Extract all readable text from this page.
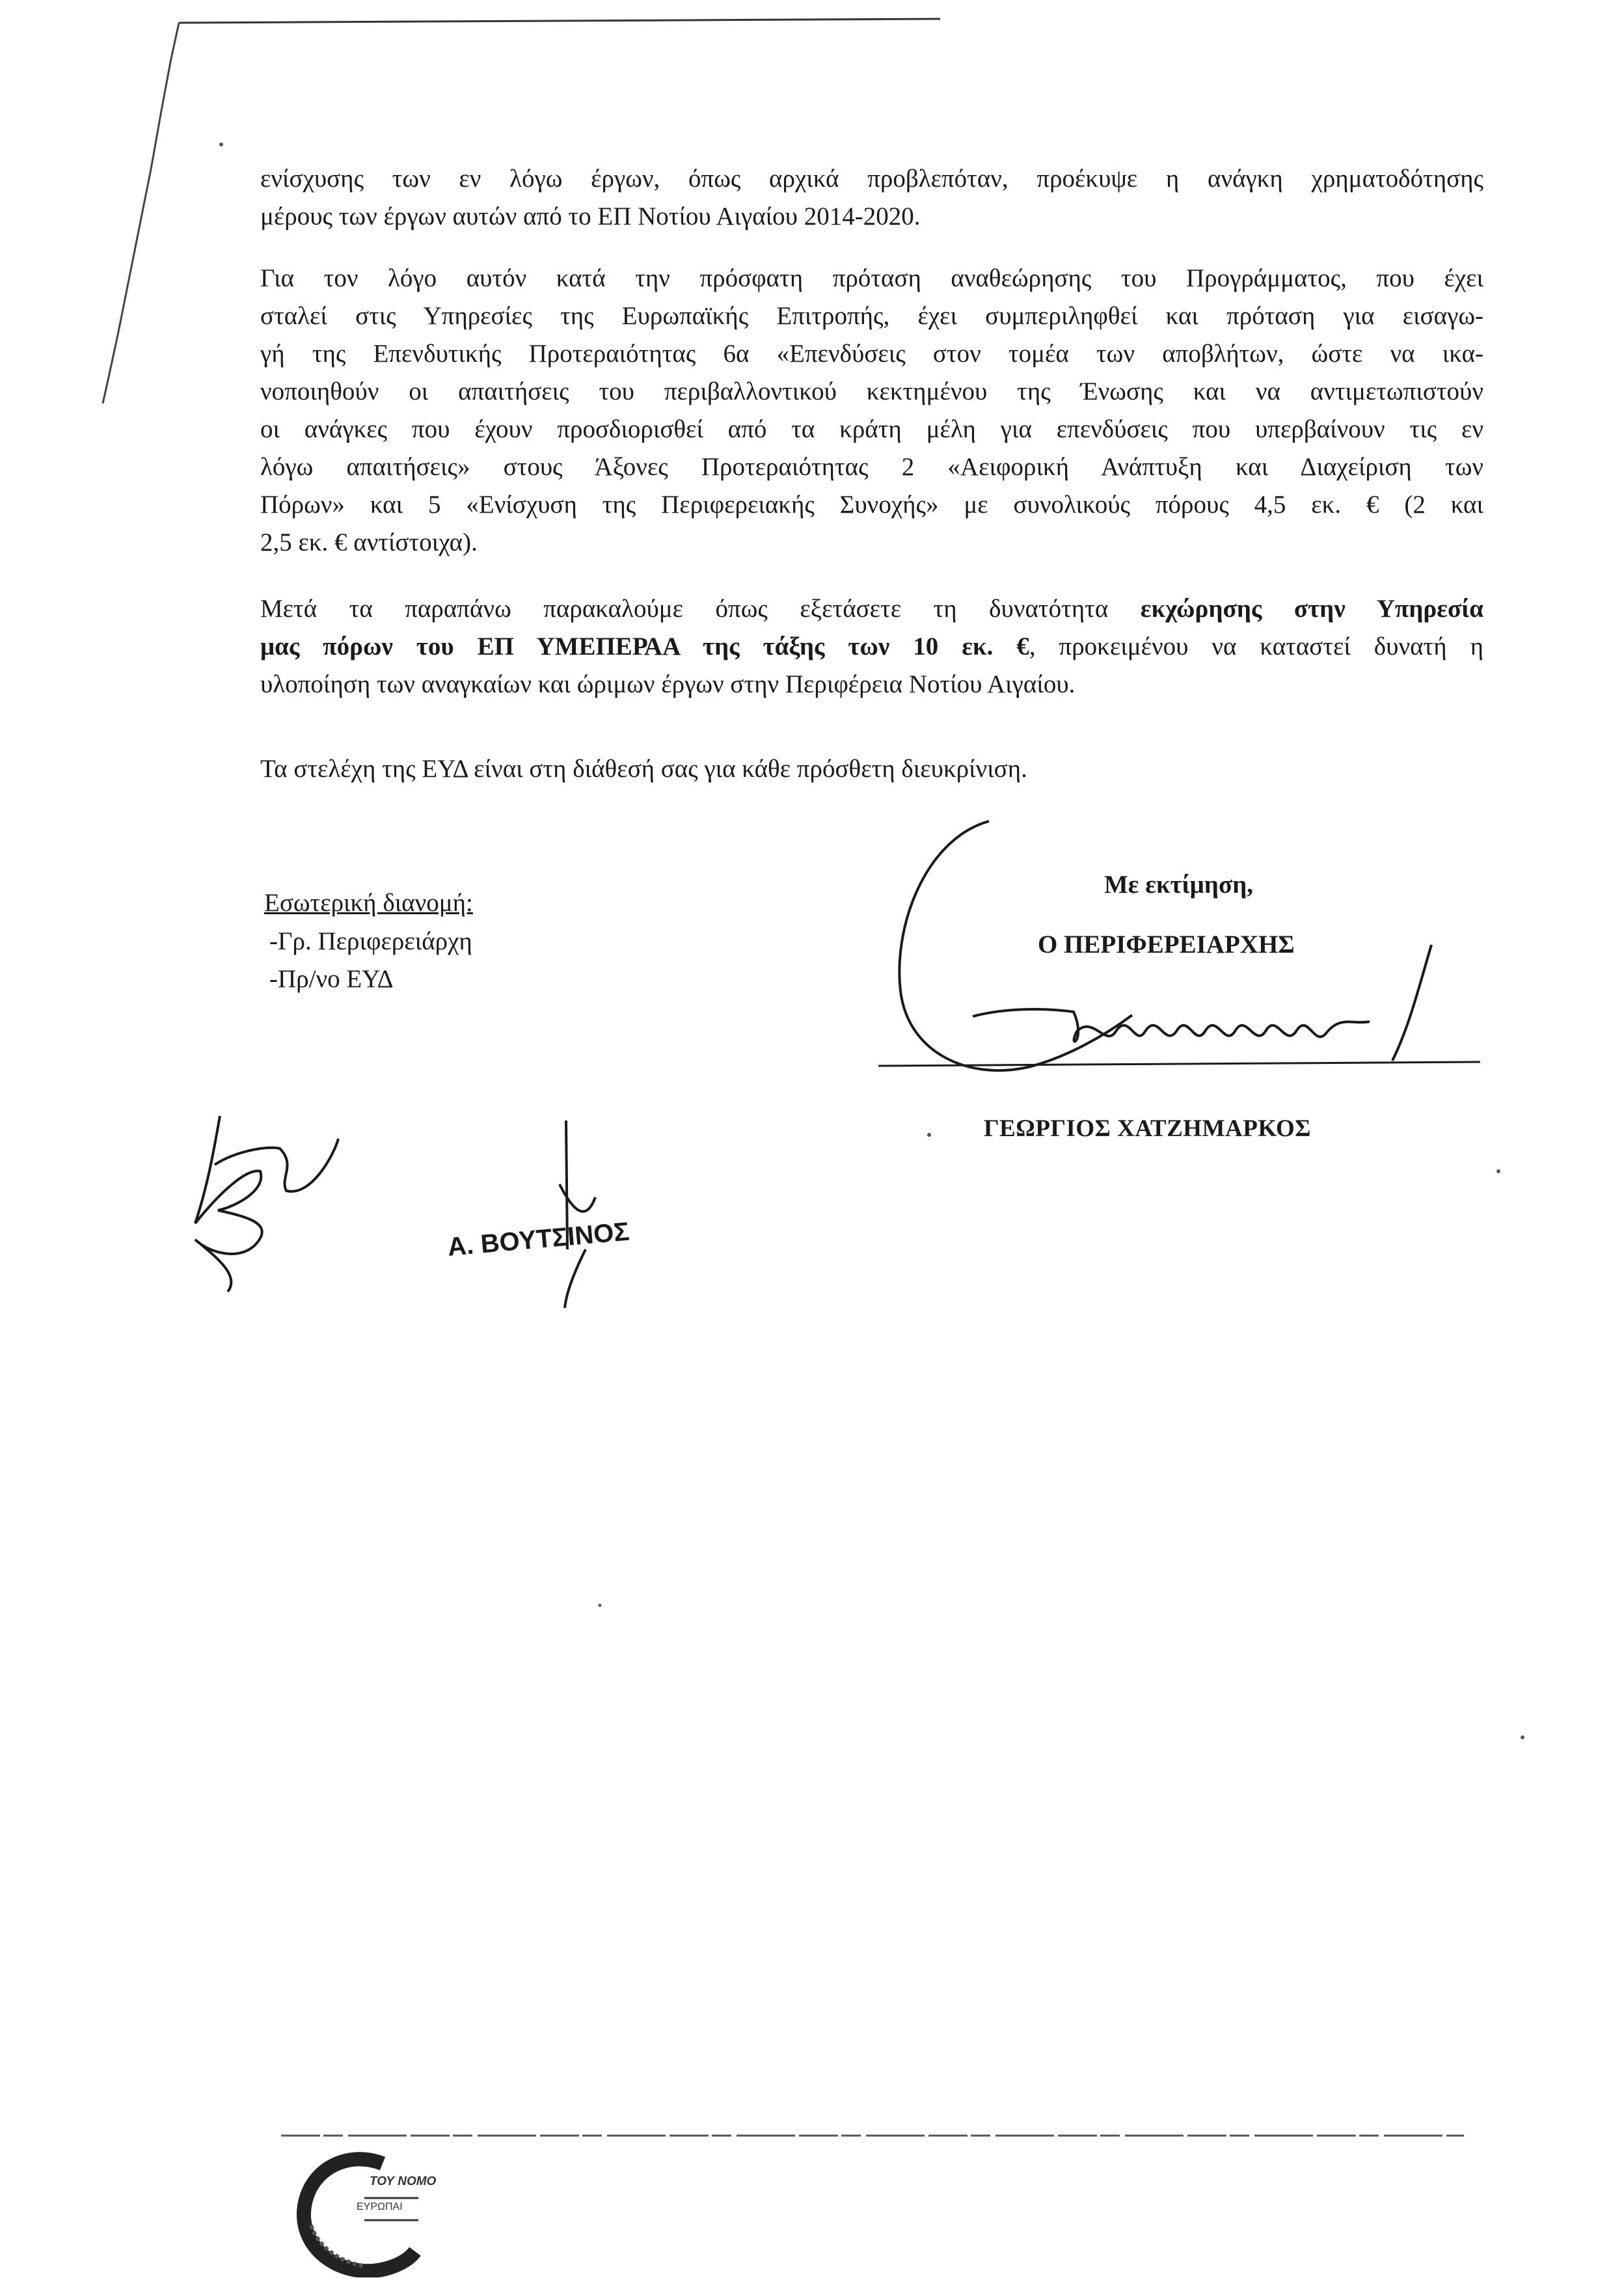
ενίσχυσης των εν λόγω έργων, όπως αρχικά προβλεπόταν, προέκυψε η ανάγκη χρηματοδότησης
μέρους των έργων αυτών από το ΕΠ Νοτίου Αιγαίου 2014-2020.
Για τον λόγο αυτόν κατά την πρόσφατη πρόταση αναθεώρησης του Προγράμματος, που έχει
σταλεί στις Υπηρεσίες της Ευρωπαϊκής Επιτροπής, έχει συμπεριληφθεί και πρόταση για εισαγω-
γή της Επενδυτικής Προτεραιότητας 6α «Επενδύσεις στον τομέα των αποβλήτων, ώστε να ικα-
νοποιηθούν οι απαιτήσεις του περιβαλλοντικού κεκτημένου της Ένωσης και να αντιμετωπιστούν
οι ανάγκες που έχουν προσδιορισθεί από τα κράτη μέλη για επενδύσεις που υπερβαίνουν τις εν
λόγω απαιτήσεις» στους Άξονες Προτεραιότητας 2 «Αειφορική Ανάπτυξη και Διαχείριση των
Πόρων» και 5 «Ενίσχυση της Περιφερειακής Συνοχής» με συνολικούς πόρους 4,5 εκ. € (2 και
2,5 εκ. € αντίστοιχα).
Μετά τα παραπάνω παρακαλούμε όπως εξετάσετε τη δυνατότητα εκχώρησης στην Υπηρεσία
μας πόρων του ΕΠ ΥΜΕΠΕΡΑΑ της τάξης των 10 εκ. €, προκειμένου να καταστεί δυνατή η
υλοποίηση των αναγκαίων και ώριμων έργων στην Περιφέρεια Νοτίου Αιγαίου.
Τα στελέχη της ΕΥΔ είναι στη διάθεσή σας για κάθε πρόσθετη διευκρίνιση.

Εσωτερική διανομή:

-Γρ. Περιφερειάρχη

-Πρ/νο ΕΥΔ

Με εκτίμηση,

Ο ΠΕΡΙΦΕΡΕΙΑΡΧΗΣ

ΓΕΩΡΓΙΟΣ ΧΑΤΖΗΜΑΡΚΟΣ

Α. ΒΟΥΤΣΙΝΟΣ
ΤΟΥ ΝΟΜΟ
ΕΥΡΩΠΑΙ
